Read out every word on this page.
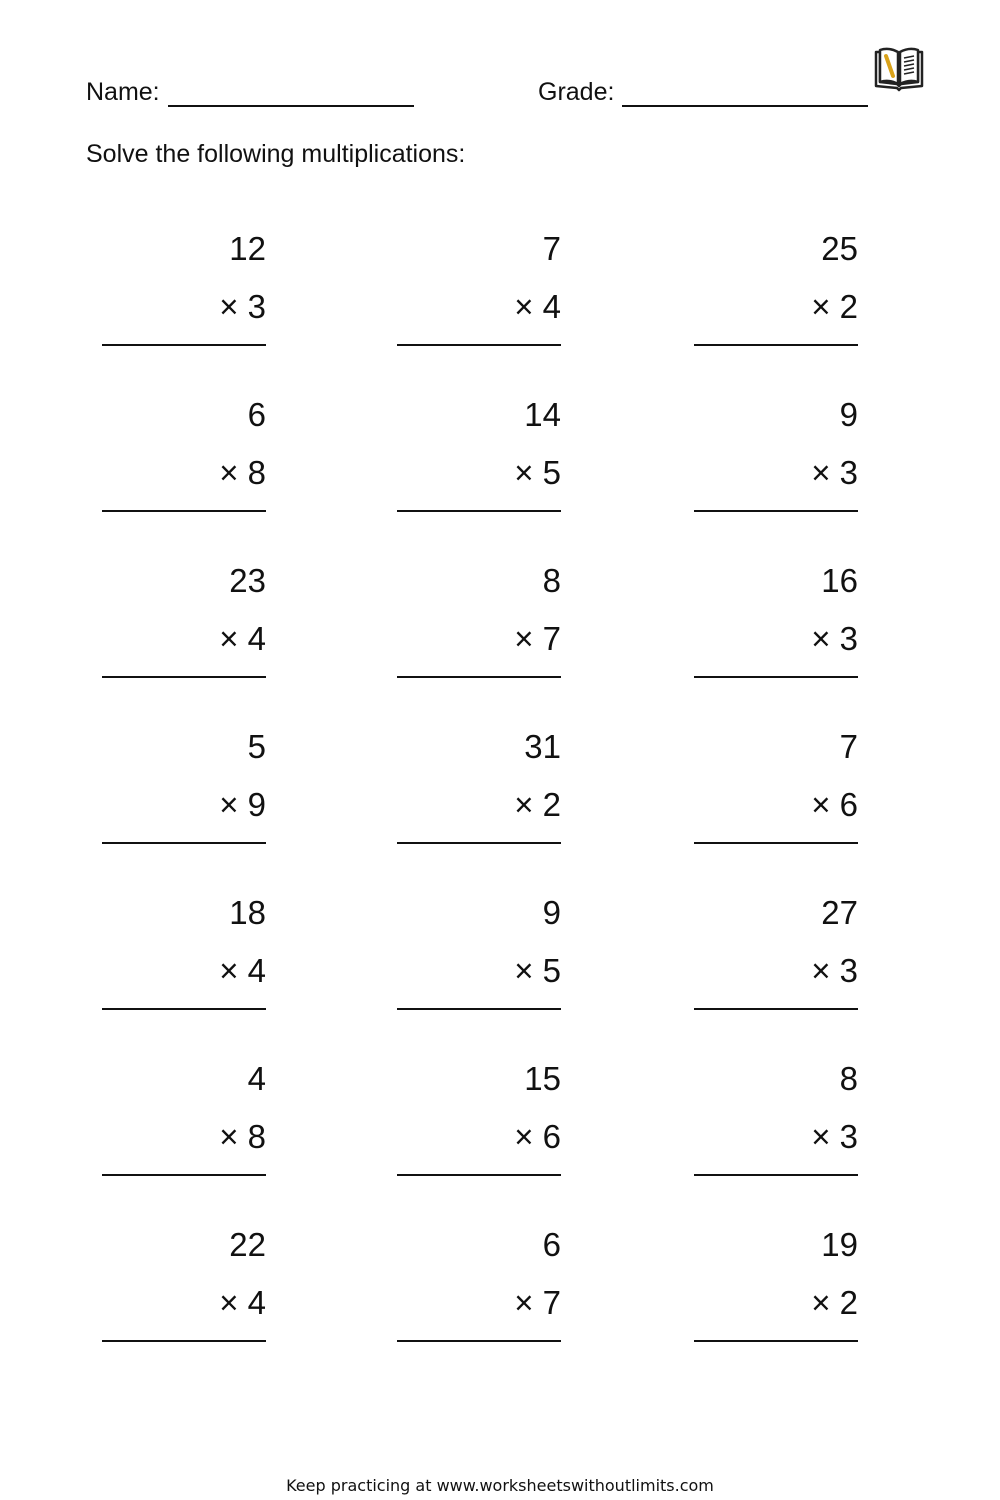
Name:	Grade:
Solve the following multiplications:
12
× 3
7
× 4
25
× 2
6
× 8
14
× 5
9
× 3
23
× 4
8
× 7
16
× 3
5
× 9
31
× 2
7
× 6
18
× 4
9
× 5
27
× 3
4
× 8
15
× 6
8
× 3
22
× 4
6
× 7
19
× 2
Keep practicing at www.worksheetswithoutlimits.com
